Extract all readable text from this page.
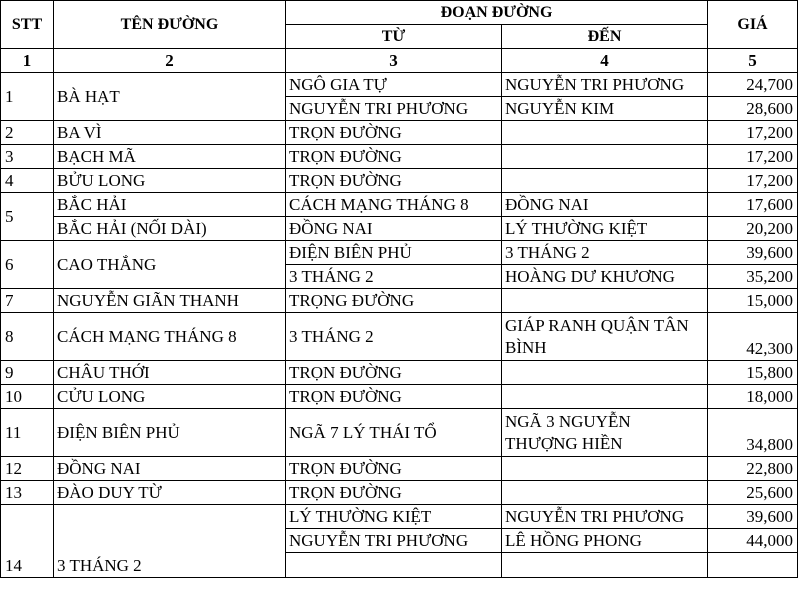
STT	TÊN ĐƯỜNG	ĐOẠN ĐƯỜNG		GIÁ
		TỪ	ĐẾN	
1	2	3	4	5
1	BÀ HẠT	NGÔ GIA TỰ	NGUYỄN TRI PHƯƠNG	24,700
		NGUYỄN TRI PHƯƠNG	NGUYỄN KIM	28,600
2	BA VÌ	TRỌN ĐƯỜNG		17,200
3	BẠCH MÃ	TRỌN ĐƯỜNG		17,200
4	BỬU LONG	TRỌN ĐƯỜNG		17,200
5	BẮC HẢI	CÁCH MẠNG THÁNG 8	ĐỒNG NAI	17,600
	BẮC HẢI (NỐI DÀI)	ĐỒNG NAI	LÝ THƯỜNG KIỆT	20,200
6	CAO THẮNG	ĐIỆN BIÊN PHỦ	3 THÁNG 2	39,600
		3 THÁNG 2	HOÀNG DƯ KHƯƠNG	35,200
7	NGUYỄN GIÃN THANH	TRỌNG ĐƯỜNG		15,000
8	CÁCH MẠNG THÁNG 8	3 THÁNG 2	GIÁP RANH QUẬN TÂN BÌNH	42,300
9	CHÂU THỚI	TRỌN ĐƯỜNG		15,800
10	CỬU LONG	TRỌN ĐƯỜNG		18,000
11	ĐIỆN BIÊN PHỦ	NGÃ 7 LÝ THÁI TỔ	NGÃ 3 NGUYỄN THƯỢNG HIỀN	34,800
12	ĐỒNG NAI	TRỌN ĐƯỜNG		22,800
13	ĐÀO DUY TỪ	TRỌN ĐƯỜNG		25,600
14	3 THÁNG 2	LÝ THƯỜNG KIỆT	NGUYỄN TRI PHƯƠNG	39,600
		NGUYỄN TRI PHƯƠNG	LÊ HỒNG PHONG	44,000
